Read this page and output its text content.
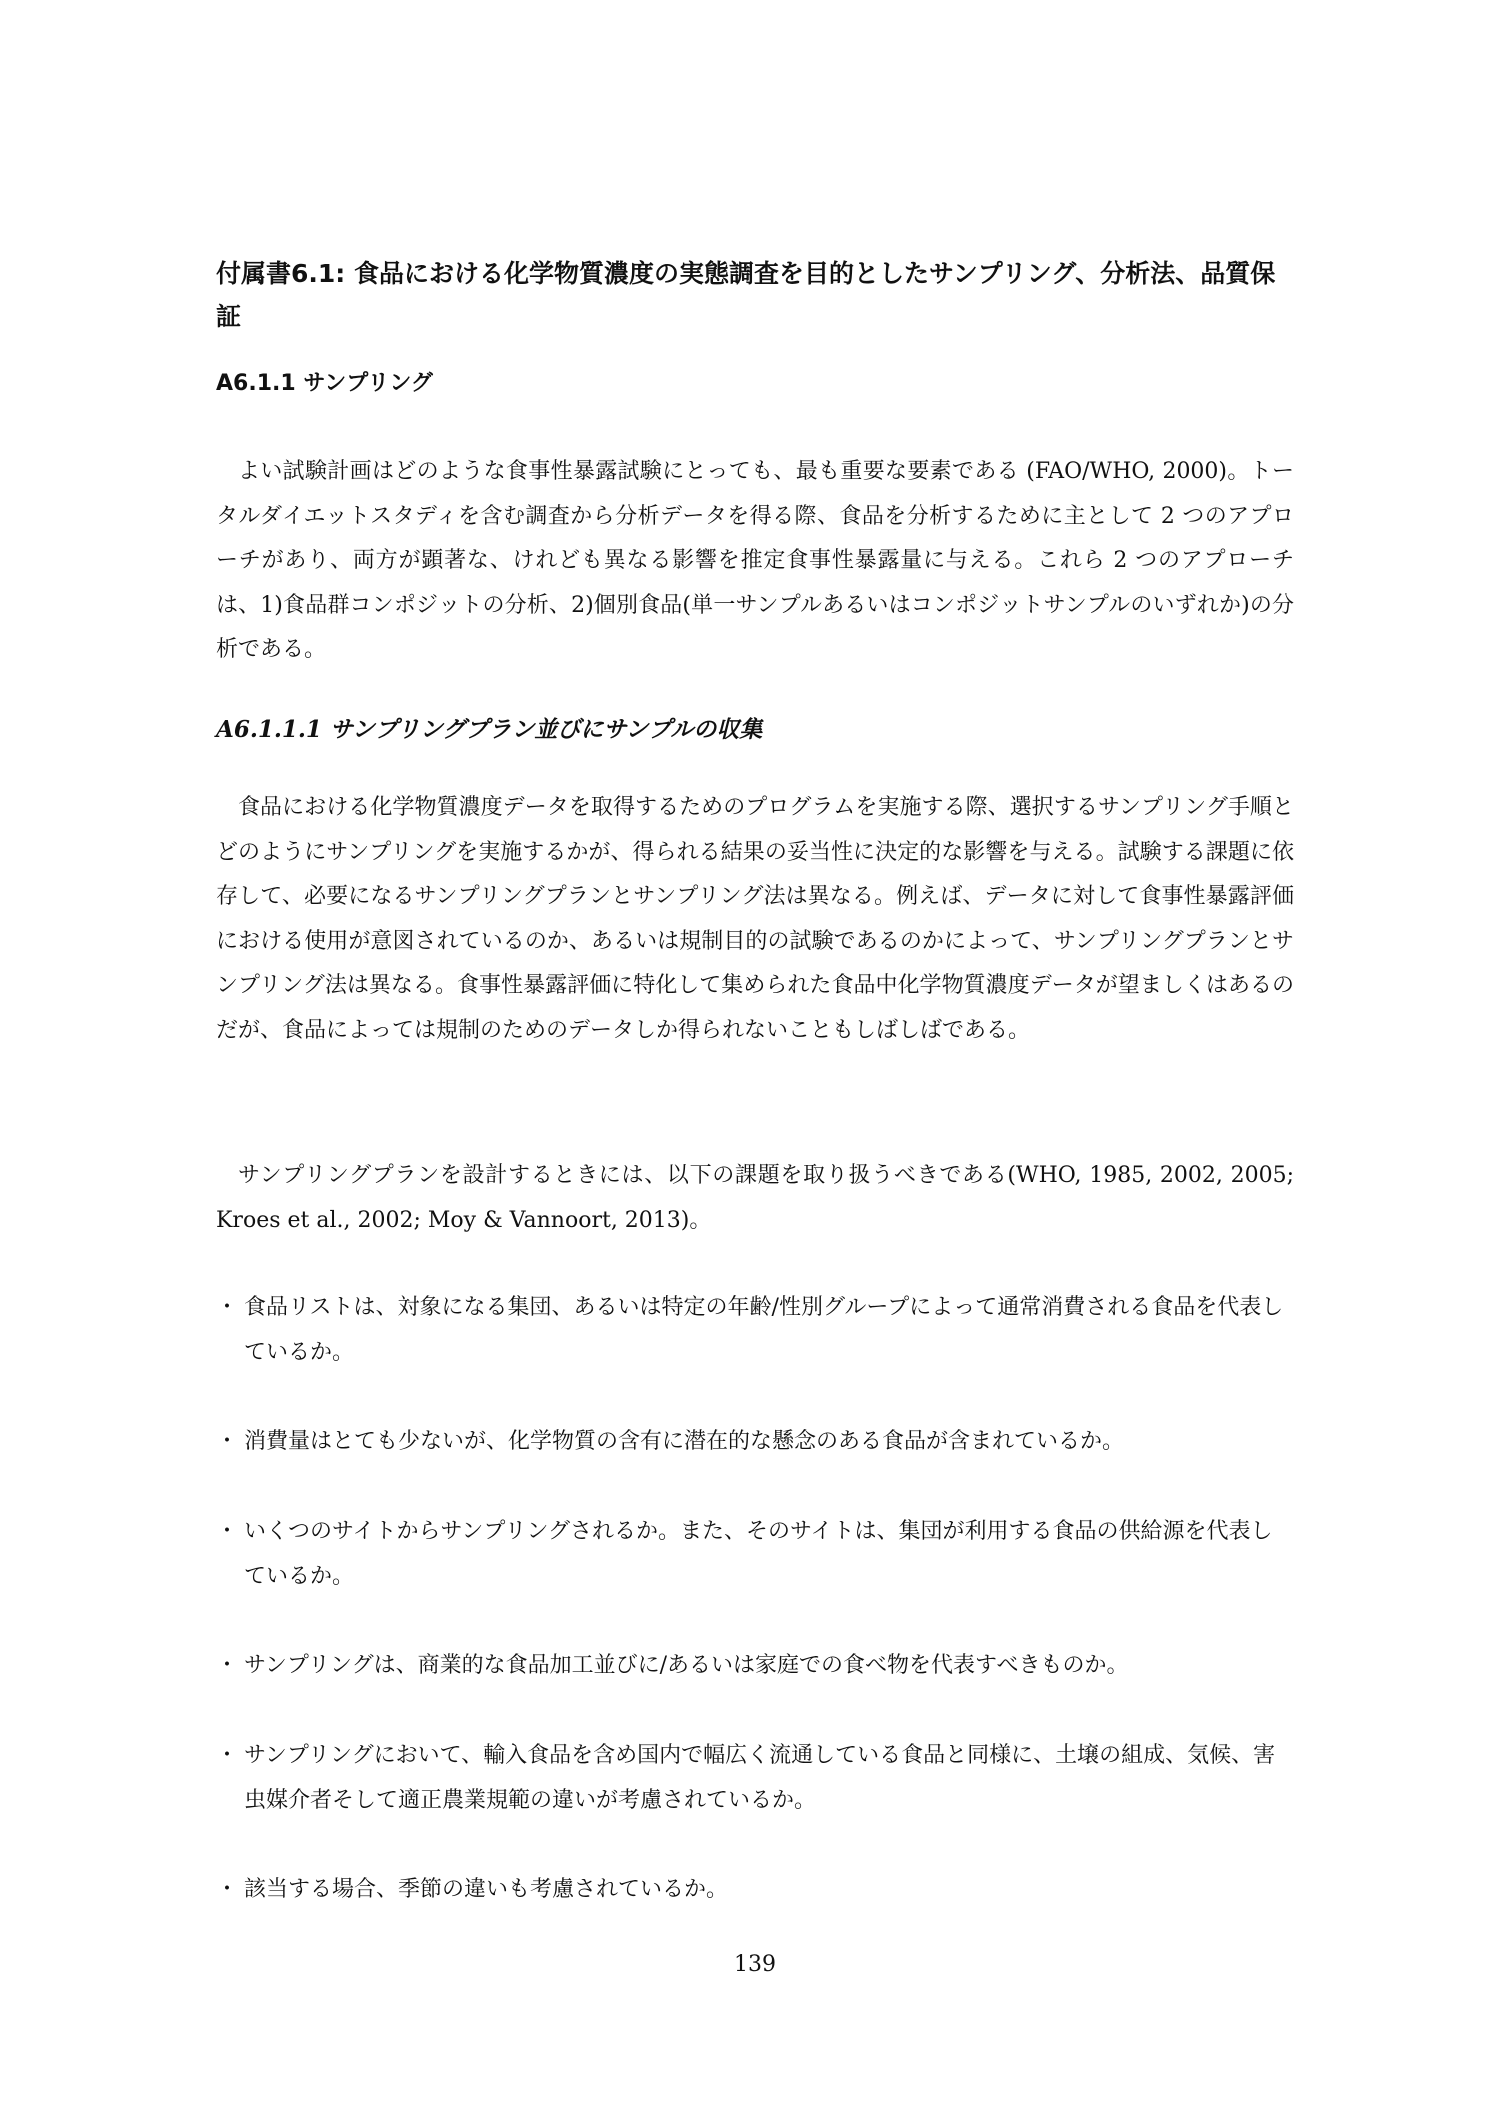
付属書6.1: 食品における化学物質濃度の実態調査を目的としたサンプリング、分析法、品質保証
A6.1.1 サンプリング

よい試験計画はどのような食事性暴露試験にとっても、最も重要な要素である (FAO/WHO, 2000)。トータルダイエットスタディを含む調査から分析データを得る際、食品を分析するために主として 2 つのアプローチがあり、両方が顕著な、けれども異なる影響を推定食事性暴露量に与える。これら 2 つのアプローチは、1)食品群コンポジットの分析、2)個別食品(単一サンプルあるいはコンポジットサンプルのいずれか)の分析である。

A6.1.1.1 サンプリングプラン並びにサンプルの収集

食品における化学物質濃度データを取得するためのプログラムを実施する際、選択するサンプリング手順とどのようにサンプリングを実施するかが、得られる結果の妥当性に決定的な影響を与える。試験する課題に依存して、必要になるサンプリングプランとサンプリング法は異なる。例えば、データに対して食事性暴露評価における使用が意図されているのか、あるいは規制目的の試験であるのかによって、サンプリングプランとサンプリング法は異なる。食事性暴露評価に特化して集められた食品中化学物質濃度データが望ましくはあるのだが、食品によっては規制のためのデータしか得られないこともしばしばである。

サンプリングプランを設計するときには、以下の課題を取り扱うべきである(WHO, 1985, 2002, 2005; Kroes et al., 2002; Moy & Vannoort, 2013)。

・ 食品リストは、対象になる集団、あるいは特定の年齢/性別グループによって通常消費される食品を代表しているか。
・ 消費量はとても少ないが、化学物質の含有に潜在的な懸念のある食品が含まれているか。
・ いくつのサイトからサンプリングされるか。また、そのサイトは、集団が利用する食品の供給源を代表しているか。
・ サンプリングは、商業的な食品加工並びに/あるいは家庭での食べ物を代表すべきものか。
・ サンプリングにおいて、輸入食品を含め国内で幅広く流通している食品と同様に、土壌の組成、気候、害虫媒介者そして適正農業規範の違いが考慮されているか。
・ 該当する場合、季節の違いも考慮されているか。
139
